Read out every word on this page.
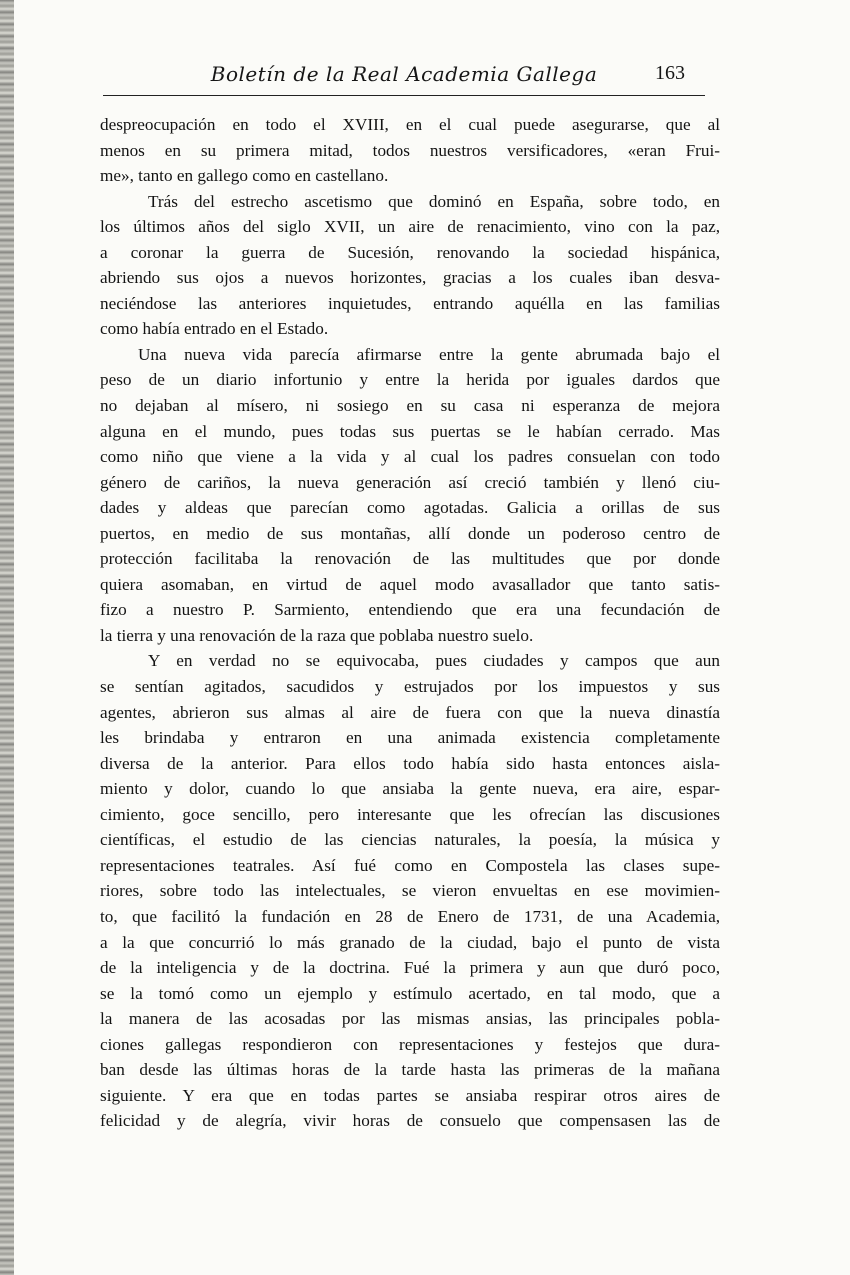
Boletín de la Real Academia Gallega	163
despreocupación en todo el XVIII, en el cual puede asegurarse, que al
menos en su primera mitad, todos nuestros versificadores, «eran Frui-
me», tanto en gallego como en castellano.
Trás del estrecho ascetismo que dominó en España, sobre todo, en
los últimos años del siglo XVII, un aire de renacimiento, vino con la paz,
a coronar la guerra de Sucesión, renovando la sociedad hispánica,
abriendo sus ojos a nuevos horizontes, gracias a los cuales iban desva-
neciéndose las anteriores inquietudes, entrando aquélla en las familias
como había entrado en el Estado.
Una nueva vida parecía afirmarse entre la gente abrumada bajo el
peso de un diario infortunio y entre la herida por iguales dardos que
no dejaban al mísero, ni sosiego en su casa ni esperanza de mejora
alguna en el mundo, pues todas sus puertas se le habían cerrado. Mas
como niño que viene a la vida y al cual los padres consuelan con todo
género de cariños, la nueva generación así creció también y llenó ciu-
dades y aldeas que parecían como agotadas. Galicia a orillas de sus
puertos, en medio de sus montañas, allí donde un poderoso centro de
protección facilitaba la renovación de las multitudes que por donde
quiera asomaban, en virtud de aquel modo avasallador que tanto satis-
fizo a nuestro P. Sarmiento, entendiendo que era una fecundación de
la tierra y una renovación de la raza que poblaba nuestro suelo.
Y en verdad no se equivocaba, pues ciudades y campos que aun
se sentían agitados, sacudidos y estrujados por los impuestos y sus
agentes, abrieron sus almas al aire de fuera con que la nueva dinastía
les brindaba y entraron en una animada existencia completamente
diversa de la anterior. Para ellos todo había sido hasta entonces aisla-
miento y dolor, cuando lo que ansiaba la gente nueva, era aire, espar-
cimiento, goce sencillo, pero interesante que les ofrecían las discusiones
científicas, el estudio de las ciencias naturales, la poesía, la música y
representaciones teatrales. Así fué como en Compostela las clases supe-
riores, sobre todo las intelectuales, se vieron envueltas en ese movimien-
to, que facilitó la fundación en 28 de Enero de 1731, de una Academia,
a la que concurrió lo más granado de la ciudad, bajo el punto de vista
de la inteligencia y de la doctrina. Fué la primera y aun que duró poco,
se la tomó como un ejemplo y estímulo acertado, en tal modo, que a
la manera de las acosadas por las mismas ansias, las principales pobla-
ciones gallegas respondieron con representaciones y festejos que dura-
ban desde las últimas horas de la tarde hasta las primeras de la mañana
siguiente. Y era que en todas partes se ansiaba respirar otros aires de
felicidad y de alegría, vivir horas de consuelo que compensasen las de
